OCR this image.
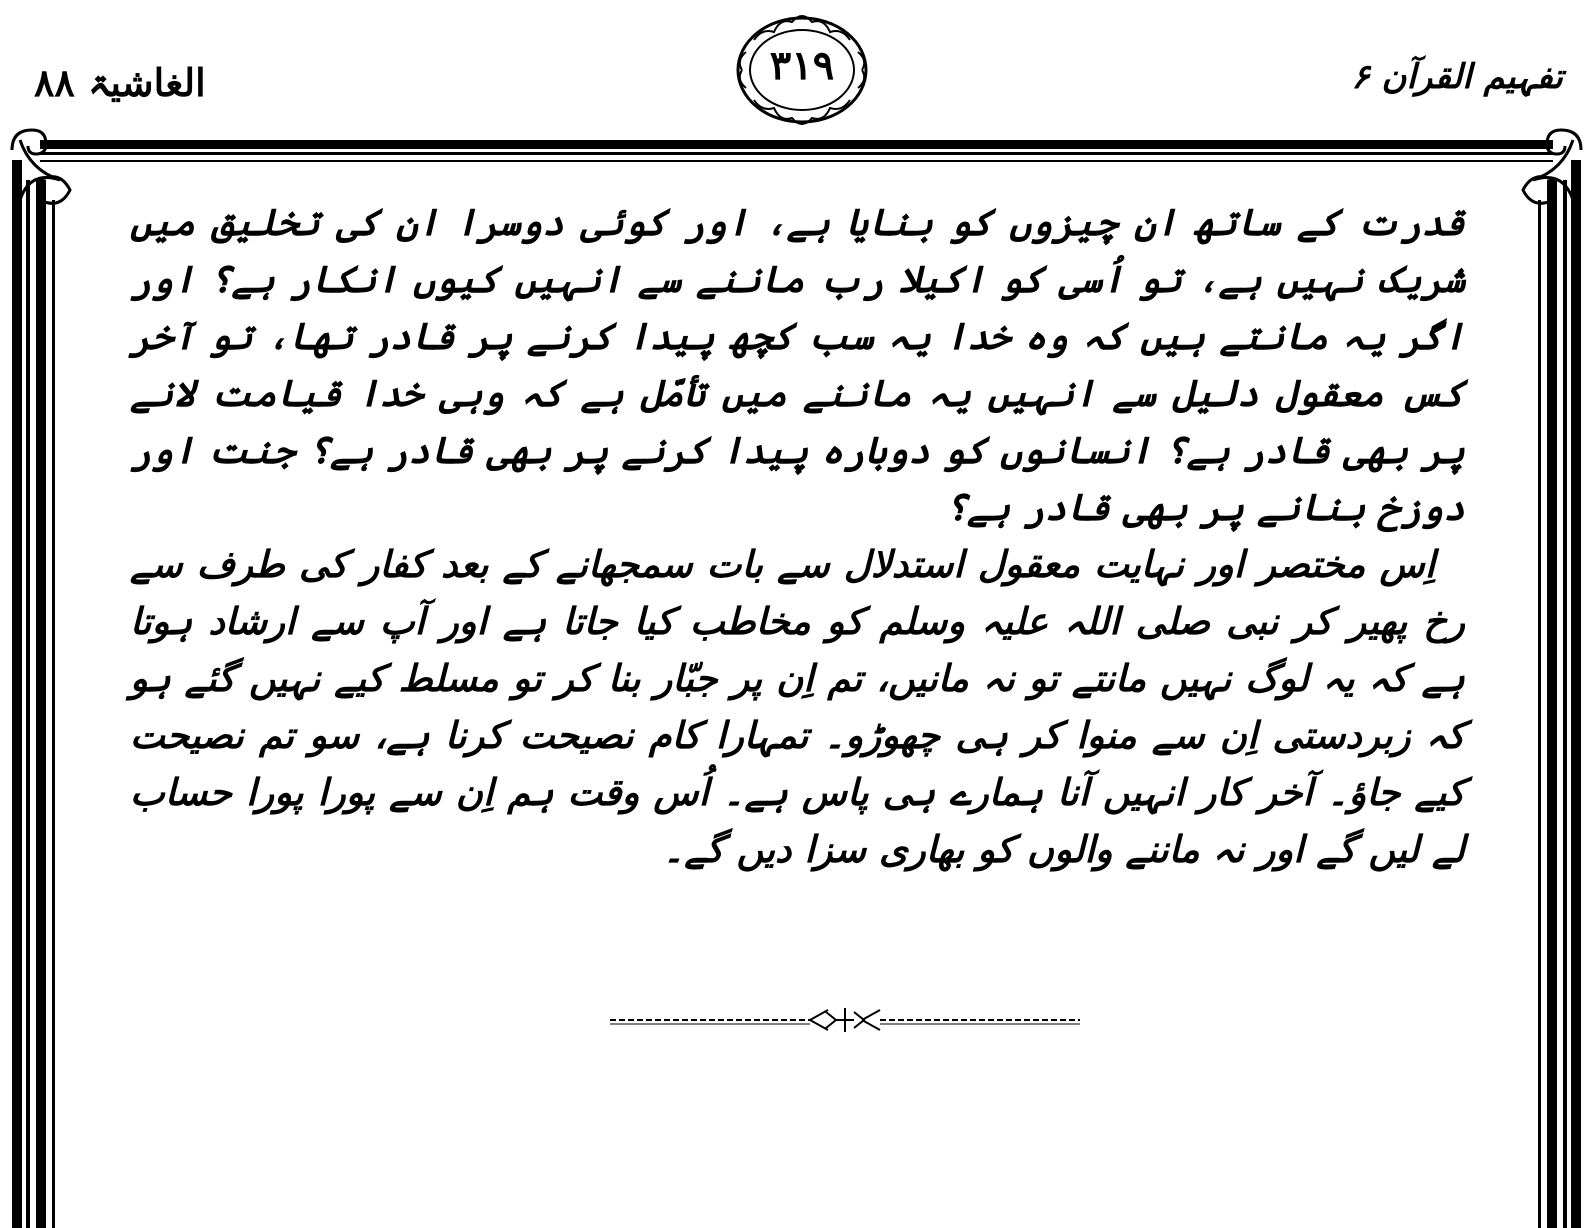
الغاشیۃ ۸۸	تفہیم القرآن ۶
۳۱۹

قدرت کے ساتھ ان چیزوں کو بنایا ہے، اور کوئی دوسرا ان کی تخلیق میں شریک نہیں ہے، تو اُسی کو اکیلا رب ماننے سے انہیں کیوں انکار ہے؟ اور اگر یہ مانتے ہیں کہ وہ خدا یہ سب کچھ پیدا کرنے پر قادر تھا، تو آخر کس معقول دلیل سے انہیں یہ ماننے میں تأمّل ہے کہ وہی خدا قیامت لانے پر بھی قادر ہے؟ انسانوں کو دوبارہ پیدا کرنے پر بھی قادر ہے؟ جنت اور دوزخ بنانے پر بھی قادر ہے؟

اِس مختصر اور نہایت معقول استدلال سے بات سمجھانے کے بعد کفار کی طرف سے رخ پھیر کر نبی صلی اللہ علیہ وسلم کو مخاطب کیا جاتا ہے اور آپ سے ارشاد ہوتا ہے کہ یہ لوگ نہیں مانتے تو نہ مانیں، تم اِن پر جبّار بنا کر تو مسلط کیے نہیں گئے ہو کہ زبردستی اِن سے منوا کر ہی چھوڑو۔ تمہارا کام نصیحت کرنا ہے، سو تم نصیحت کیے جاؤ۔ آخر کار انہیں آنا ہمارے ہی پاس ہے۔ اُس وقت ہم اِن سے پورا پورا حساب لے لیں گے اور نہ ماننے والوں کو بھاری سزا دیں گے۔
